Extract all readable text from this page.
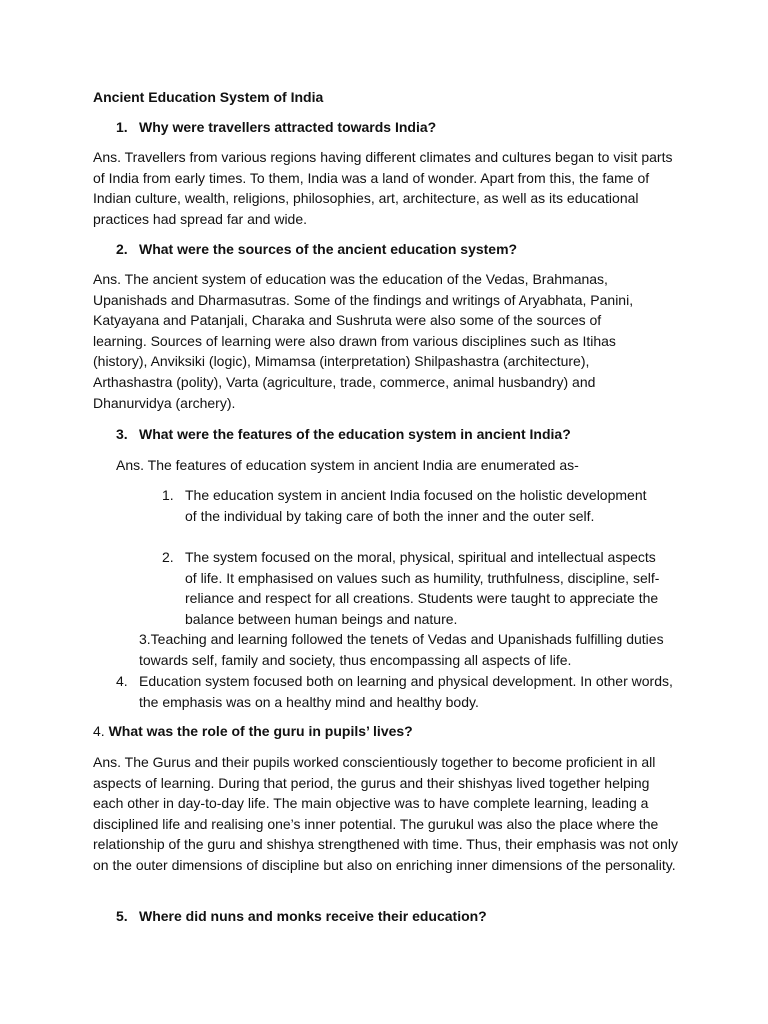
Ancient Education System of India
1. Why were travellers attracted towards India?
Ans. Travellers from various regions having different climates and cultures began to visit parts of India from early times. To them, India was a land of wonder. Apart from this, the fame of Indian culture, wealth, religions, philosophies, art, architecture, as well as its educational practices had spread far and wide.
2. What were the sources of the ancient education system?
Ans. The ancient system of education was the education of the Vedas, Brahmanas, Upanishads and Dharmasutras. Some of the findings and writings of Aryabhata, Panini, Katyayana and Patanjali, Charaka and Sushruta were also some of the sources of learning. Sources of learning were also drawn from various disciplines such as Itihas (history), Anviksiki (logic), Mimamsa (interpretation) Shilpashastra (architecture), Arthashastra (polity), Varta (agriculture, trade, commerce, animal husbandry) and Dhanurvidya (archery).
3. What were the features of the education system in ancient India?
Ans. The features of education system in ancient India are enumerated as-
1. The education system in ancient India focused on the holistic development of the individual by taking care of both the inner and the outer self.
2. The system focused on the moral, physical, spiritual and intellectual aspects of life. It emphasised on values such as humility, truthfulness, discipline, self-reliance and respect for all creations. Students were taught to appreciate the balance between human beings and nature.
3.Teaching and learning followed the tenets of Vedas and Upanishads fulfilling duties towards self, family and society, thus encompassing all aspects of life.
4. Education system focused both on learning and physical development. In other words, the emphasis was on a healthy mind and healthy body.
4. What was the role of the guru in pupils’ lives?
Ans. The Gurus and their pupils worked conscientiously together to become proficient in all aspects of learning. During that period, the gurus and their shishyas lived together helping each other in day-to-day life. The main objective was to have complete learning, leading a disciplined life and realising one’s inner potential. The gurukul was also the place where the relationship of the guru and shishya strengthened with time. Thus, their emphasis was not only on the outer dimensions of discipline but also on enriching inner dimensions of the personality.
5. Where did nuns and monks receive their education?
